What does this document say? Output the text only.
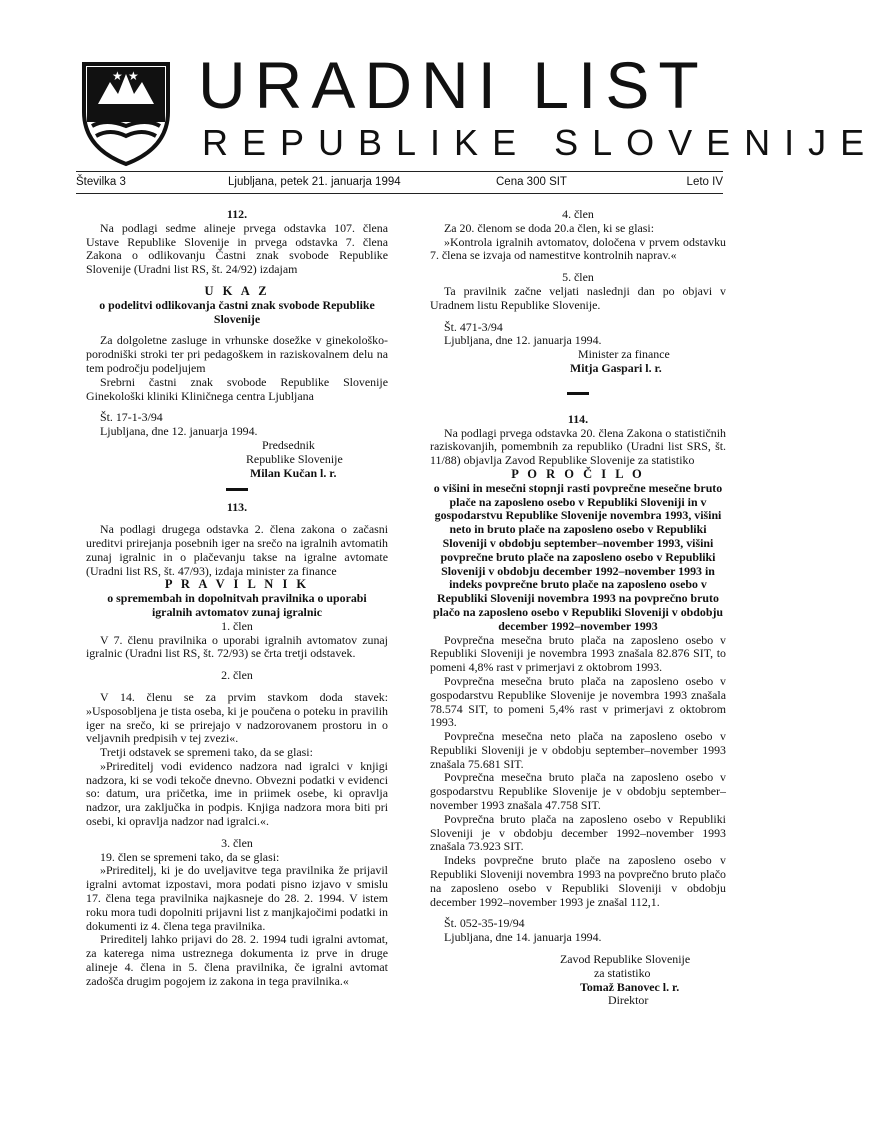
★ ★
★ URADNI LIST
REPUBLIKE SLOVENIJE
Številka 3	Ljubljana, petek 21. januarja 1994	Cena 300 SIT	Leto IV

112.

Na podlagi sedme alineje prvega odstavka 107. člena Ustave Republike Slovenije in prvega odstavka 7. člena Zakona o odlikovanju Častni znak svobode Republike Slovenije (Uradni list RS, št. 24/92) izdajam

U K A Z

o podelitvi odlikovanja častni znak svobode Republike Slovenije

Za dolgoletne zasluge in vrhunske dosežke v ginekološko-porodniški stroki ter pri pedagoškem in raziskovalnem delu na tem področju podeljujem

Srebrni častni znak svobode Republike Slovenije Ginekološki kliniki Kliničnega centra Ljubljana

Št. 17-1-3/94

Ljubljana, dne 12. januarja 1994.

Predsednik

Republike Slovenije

Milan Kučan l. r.

113.

Na podlagi drugega odstavka 2. člena zakona o začasni ureditvi prirejanja posebnih iger na srečo na igralnih avtomatih zunaj igralnic in o plačevanju takse na igralne avtomate (Uradni list RS, št. 47/93), izdaja minister za finance

P R A V I L N I K

o spremembah in dopolnitvah pravilnika o uporabi igralnih avtomatov zunaj igralnic

1. člen

V 7. členu pravilnika o uporabi igralnih avtomatov zunaj igralnic (Uradni list RS, št. 72/93) se črta tretji odstavek.

2. člen

V 14. členu se za prvim stavkom doda stavek: »Usposobljena je tista oseba, ki je poučena o poteku in pravilih iger na srečo, ki se prirejajo v nadzorovanem prostoru in o veljavnih predpisih v tej zvezi«.

Tretji odstavek se spremeni tako, da se glasi:

»Prireditelj vodi evidenco nadzora nad igralci v knjigi nadzora, ki se vodi tekoče dnevno. Obvezni podatki v evidenci so: datum, ura pričetka, ime in priimek osebe, ki opravlja nadzor, ura zaključka in podpis. Knjiga nadzora mora biti pri osebi, ki opravlja nadzor nad igralci.«.

3. člen

19. člen se spremeni tako, da se glasi:

»Prireditelj, ki je do uveljavitve tega pravilnika že prijavil igralni avtomat izpostavi, mora podati pisno izjavo v smislu 17. člena tega pravilnika najkasneje do 28. 2. 1994. V istem roku mora tudi dopolniti prijavni list z manjkajočimi podatki in dokumenti iz 4. člena tega pravilnika.

Prireditelj lahko prijavi do 28. 2. 1994 tudi igralni avtomat, za katerega nima ustreznega dokumenta iz prve in druge alineje 4. člena in 5. člena pravilnika, če igralni avtomat zadošča drugim pogojem iz zakona in tega pravilnika.«

4. člen

Za 20. členom se doda 20.a člen, ki se glasi:

»Kontrola igralnih avtomatov, določena v prvem odstavku 7. člena se izvaja od namestitve kontrolnih naprav.«

5. člen

Ta pravilnik začne veljati naslednji dan po objavi v Uradnem listu Republike Slovenije.

Št. 471-3/94

Ljubljana, dne 12. januarja 1994.

Minister za finance

Mitja Gaspari l. r.

114.

Na podlagi prvega odstavka 20. člena Zakona o statističnih raziskovanjih, pomembnih za republiko (Uradni list SRS, št. 11/88) objavlja Zavod Republike Slovenije za statistiko

P O R O Č I L O

o višini in mesečni stopnji rasti povprečne mesečne bruto plače na zaposleno osebo v Republiki Sloveniji in v gospodarstvu Republike Slovenije novembra 1993, višini neto in bruto plače na zaposleno osebo v Republiki Sloveniji v obdobju september–november 1993, višini povprečne bruto plače na zaposleno osebo v Republiki Sloveniji v obdobju december 1992–november 1993 in indeks povprečne bruto plače na zaposleno osebo v Republiki Sloveniji novembra 1993 na povprečno bruto plačo na zaposleno osebo v Republiki Sloveniji v obdobju december 1992–november 1993

Povprečna mesečna bruto plača na zaposleno osebo v Republiki Sloveniji je novembra 1993 znašala 82.876 SIT, to pomeni 4,8% rast v primerjavi z oktobrom 1993.

Povprečna mesečna bruto plača na zaposleno osebo v gospodarstvu Republike Slovenije je novembra 1993 znašala 78.574 SIT, to pomeni 5,4% rast v primerjavi z oktobrom 1993.

Povprečna mesečna neto plača na zaposleno osebo v Republiki Sloveniji je v obdobju september–november 1993 znašala 75.681 SIT.

Povprečna mesečna bruto plača na zaposleno osebo v gospodarstvu Republike Slovenije je v obdobju september–november 1993 znašala 47.758 SIT.

Povprečna bruto plača na zaposleno osebo v Republiki Sloveniji je v obdobju december 1992–november 1993 znašala 73.923 SIT.

Indeks povprečne bruto plače na zaposleno osebo v Republiki Sloveniji novembra 1993 na povprečno bruto plačo na zaposleno osebo v Republiki Sloveniji v obdobju december 1992–november 1993 je znašal 112,1.

Št. 052-35-19/94

Ljubljana, dne 14. januarja 1994.

Zavod Republike Slovenije

za statistiko

Tomaž Banovec l. r.

Direktor
